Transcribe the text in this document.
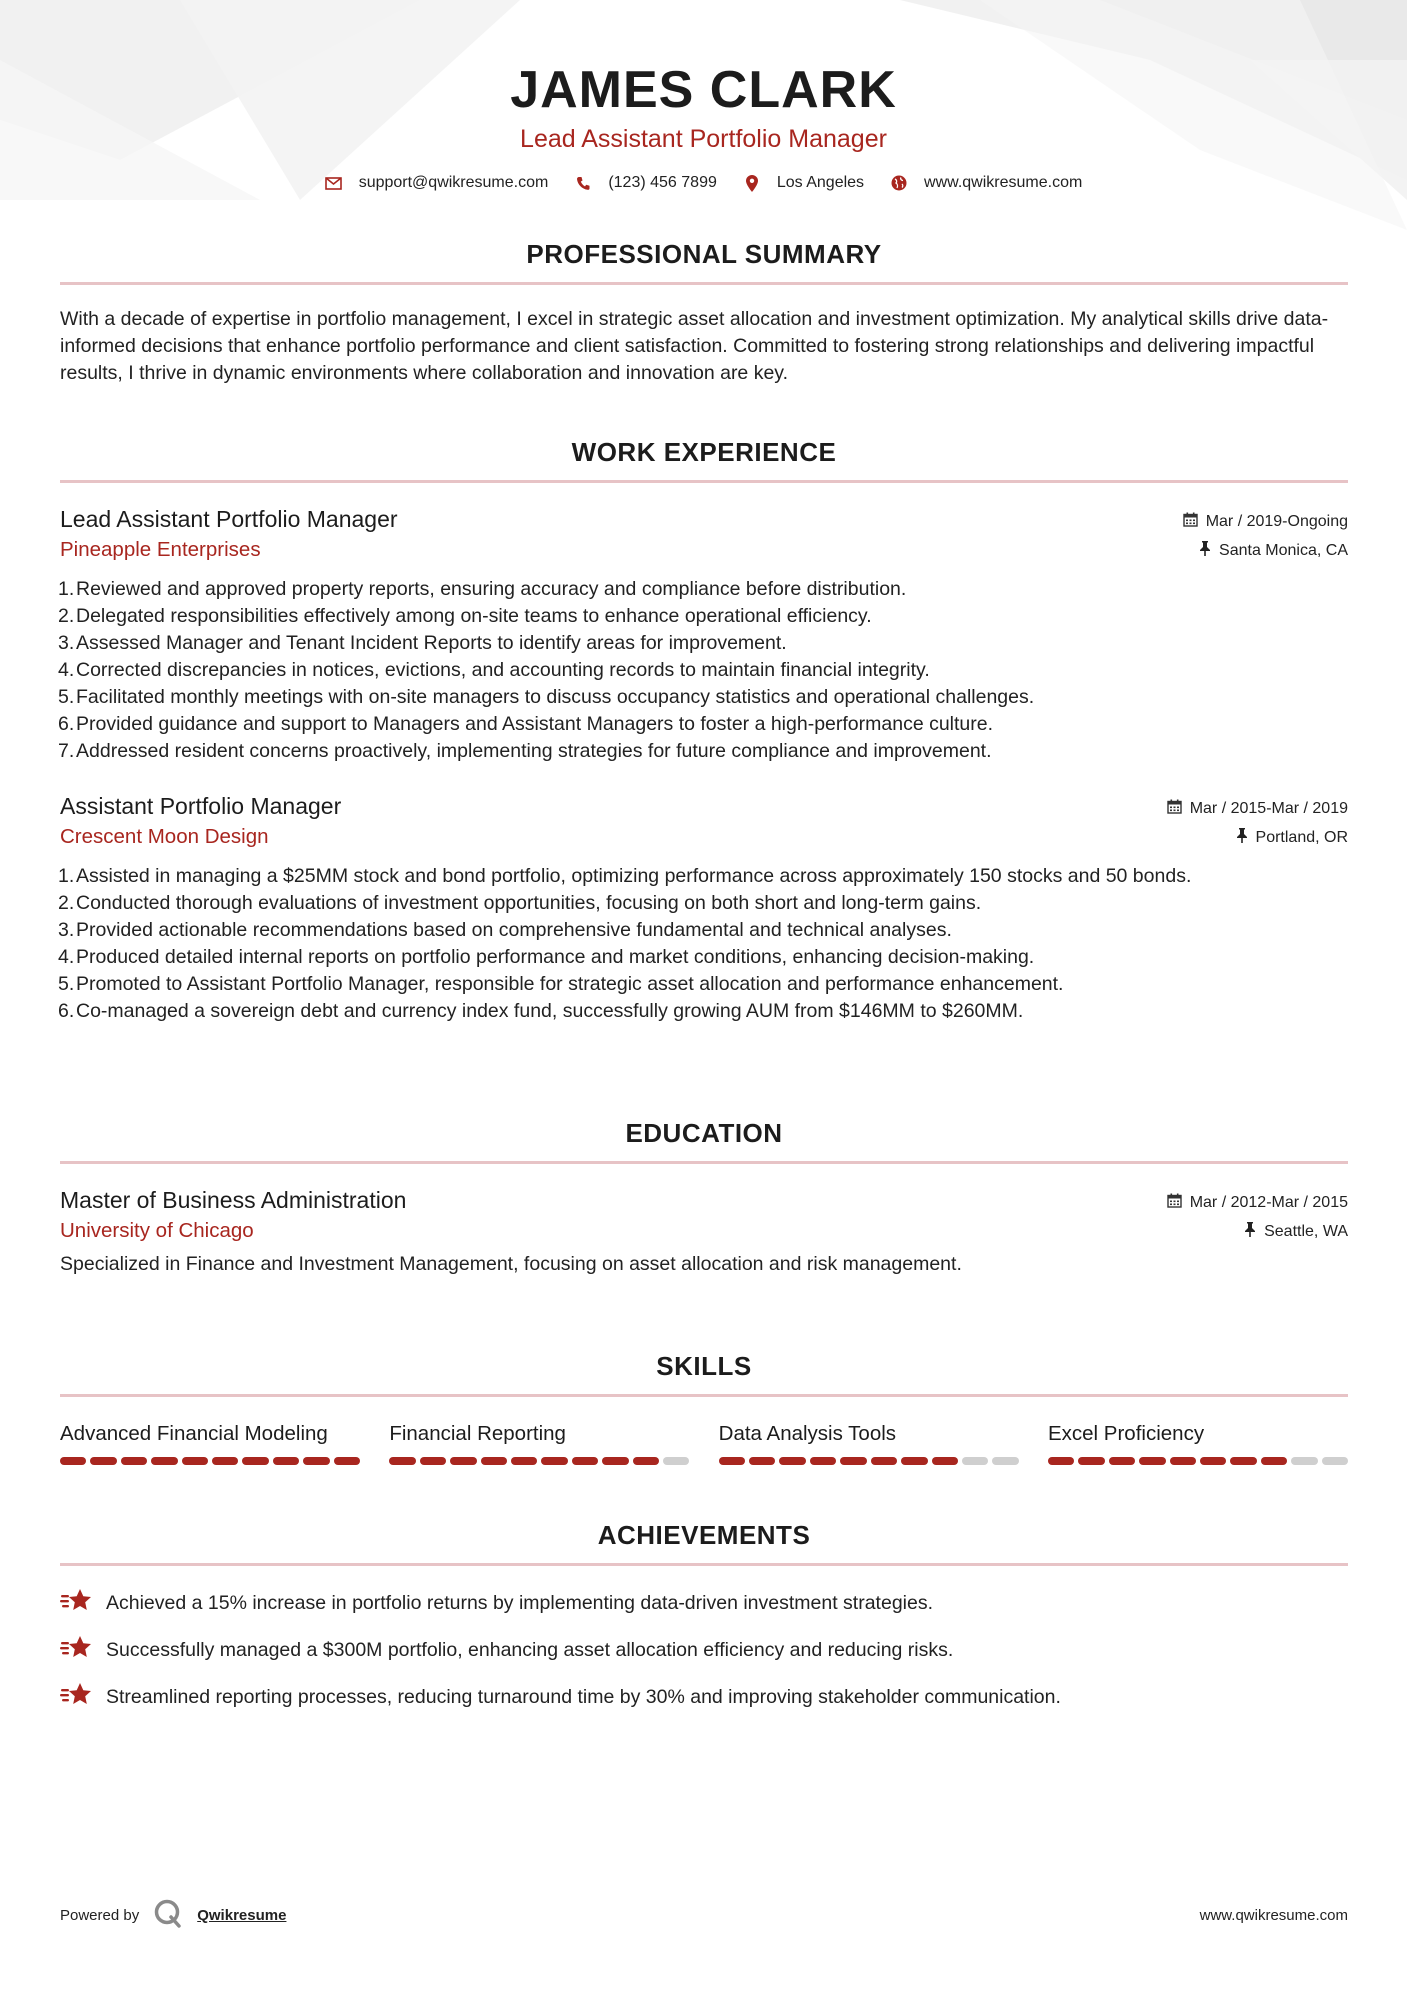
JAMES CLARK
Lead Assistant Portfolio Manager
support@qwikresume.com	(123) 456 7899	Los Angeles	www.qwikresume.com
PROFESSIONAL SUMMARY

With a decade of expertise in portfolio management, I excel in strategic asset allocation and investment optimization. My analytical skills drive data-informed decisions that enhance portfolio performance and client satisfaction. Committed to fostering strong relationships and delivering impactful results, I thrive in dynamic environments where collaboration and innovation are key.

WORK EXPERIENCE
Lead Assistant Portfolio Manager	Mar / 2019-Ongoing
Pineapple Enterprises	Santa Monica, CA
1. Reviewed and approved property reports, ensuring accuracy and compliance before distribution.
2. Delegated responsibilities effectively among on-site teams to enhance operational efficiency.
3. Assessed Manager and Tenant Incident Reports to identify areas for improvement.
4. Corrected discrepancies in notices, evictions, and accounting records to maintain financial integrity.
5. Facilitated monthly meetings with on-site managers to discuss occupancy statistics and operational challenges.
6. Provided guidance and support to Managers and Assistant Managers to foster a high-performance culture.
7. Addressed resident concerns proactively, implementing strategies for future compliance and improvement.
Assistant Portfolio Manager	Mar / 2015-Mar / 2019
Crescent Moon Design	Portland, OR
1. Assisted in managing a $25MM stock and bond portfolio, optimizing performance across approximately 150 stocks and 50 bonds.
2. Conducted thorough evaluations of investment opportunities, focusing on both short and long-term gains.
3. Provided actionable recommendations based on comprehensive fundamental and technical analyses.
4. Produced detailed internal reports on portfolio performance and market conditions, enhancing decision-making.
5. Promoted to Assistant Portfolio Manager, responsible for strategic asset allocation and performance enhancement.
6. Co-managed a sovereign debt and currency index fund, successfully growing AUM from $146MM to $260MM.
EDUCATION
Master of Business Administration	Mar / 2012-Mar / 2015
University of Chicago	Seattle, WA

Specialized in Finance and Investment Management, focusing on asset allocation and risk management.

SKILLS
Advanced Financial Modeling	Financial Reporting	Data Analysis Tools	Excel Proficiency
ACHIEVEMENTS
Achieved a 15% increase in portfolio returns by implementing data-driven investment strategies.
Successfully managed a $300M portfolio, enhancing asset allocation efficiency and reducing risks.
Streamlined reporting processes, reducing turnaround time by 30% and improving stakeholder communication.
Powered by	Qwikresume	www.qwikresume.com
